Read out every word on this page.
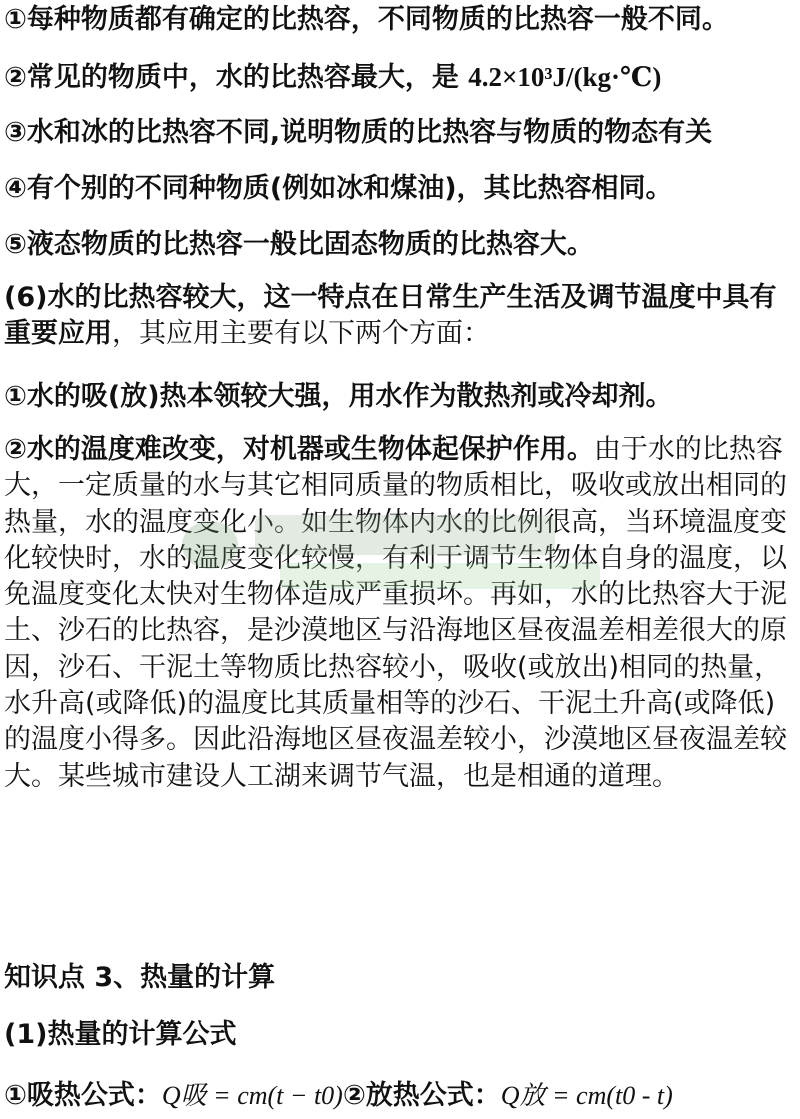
①每种物质都有确定的比热容，不同物质的比热容一般不同。
②常见的物质中，水的比热容最大，是 4.2×10³J/(kg·℃)
③水和冰的比热容不同,说明物质的比热容与物质的物态有关
④有个别的不同种物质(例如冰和煤油)，其比热容相同。
⑤液态物质的比热容一般比固态物质的比热容大。
(6)水的比热容较大，这一特点在日常生产生活及调节温度中具有重要应用，其应用主要有以下两个方面：
①水的吸(放)热本领较大强，用水作为散热剂或冷却剂。
②水的温度难改变，对机器或生物体起保护作用。由于水的比热容大，一定质量的水与其它相同质量的物质相比，吸收或放出相同的热量，水的温度变化小。如生物体内水的比例很高，当环境温度变化较快时，水的温度变化较慢，有利于调节生物体自身的温度，以免温度变化太快对生物体造成严重损坏。再如，水的比热容大于泥土、沙石的比热容，是沙漠地区与沿海地区昼夜温差相差很大的原因，沙石、干泥土等物质比热容较小，吸收(或放出)相同的热量，水升高(或降低)的温度比其质量相等的沙石、干泥土升高(或降低)的温度小得多。因此沿海地区昼夜温差较小，沙漠地区昼夜温差较大。某些城市建设人工湖来调节气温，也是相通的道理。
知识点 3、热量的计算
(1)热量的计算公式
①吸热公式：Q吸 = cm(t − t0)②放热公式：Q放 = cm(t0 - t)
